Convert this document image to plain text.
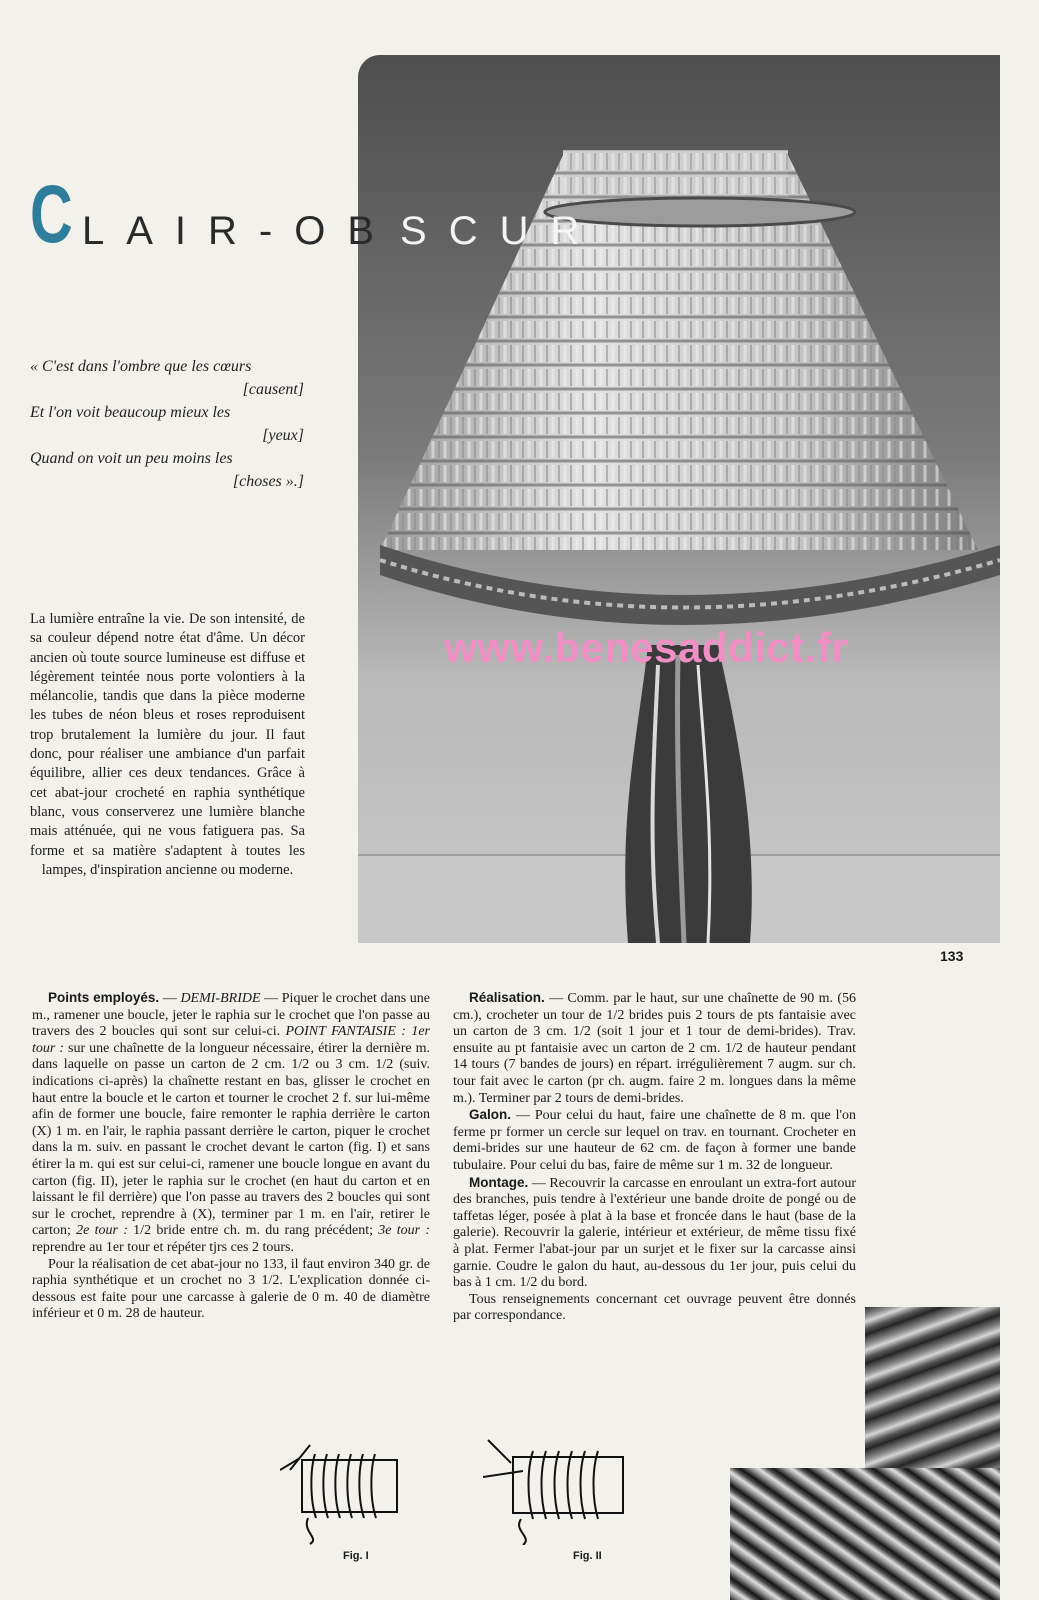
C LAIR-OB SCUR
« C'est dans l'ombre que les cœurs
[causent]
Et l'on voit beaucoup mieux les
[yeux]
Quand on voit un peu moins les
[choses ».]
La lumière entraîne la vie. De son intensité, de sa couleur dépend notre état d'âme. Un décor ancien où toute source lumineuse est diffuse et légèrement teintée nous porte volontiers à la mélancolie, tandis que dans la pièce moderne les tubes de néon bleus et roses reproduisent trop brutalement la lumière du jour. Il faut donc, pour réaliser une ambiance d'un parfait équilibre, allier ces deux tendances. Grâce à cet abat-jour crocheté en raphia synthétique blanc, vous conserverez une lumière blanche mais atténuée, qui ne vous fatiguera pas. Sa forme et sa matière s'adaptent à toutes les lampes, d'inspiration ancienne ou moderne.
www.benesaddict.fr
133

Points employés. — DEMI-BRIDE — Piquer le crochet dans une m., ramener une boucle, jeter le raphia sur le crochet que l'on passe au travers des 2 boucles qui sont sur celui-ci. POINT FANTAISIE : 1er tour : sur une chaînette de la longueur nécessaire, étirer la dernière m. dans laquelle on passe un carton de 2 cm. 1/2 ou 3 cm. 1/2 (suiv. indications ci-après) la chaînette restant en bas, glisser le crochet en haut entre la boucle et le carton et tourner le crochet 2 f. sur lui-même afin de former une boucle, faire remonter le raphia derrière le carton (X) 1 m. en l'air, le raphia passant derrière le carton, piquer le crochet dans la m. suiv. en passant le crochet devant le carton (fig. I) et sans étirer la m. qui est sur celui-ci, ramener une boucle longue en avant du carton (fig. II), jeter le raphia sur le crochet (en haut du carton et en laissant le fil derrière) que l'on passe au travers des 2 boucles qui sont sur le crochet, reprendre à (X), terminer par 1 m. en l'air, retirer le carton; 2e tour : 1/2 bride entre ch. m. du rang précédent; 3e tour : reprendre au 1er tour et répéter tjrs ces 2 tours.

Pour la réalisation de cet abat-jour no 133, il faut environ 340 gr. de raphia synthétique et un crochet no 3 1/2. L'explication donnée ci-dessous est faite pour une carcasse à galerie de 0 m. 40 de diamètre inférieur et 0 m. 28 de hauteur.

Réalisation. — Comm. par le haut, sur une chaînette de 90 m. (56 cm.), crocheter un tour de 1/2 brides puis 2 tours de pts fantaisie avec un carton de 3 cm. 1/2 (soit 1 jour et 1 tour de demi-brides). Trav. ensuite au pt fantaisie avec un carton de 2 cm. 1/2 de hauteur pendant 14 tours (7 bandes de jours) en répart. irrégulièrement 7 augm. sur ch. tour fait avec le carton (pr ch. augm. faire 2 m. longues dans la même m.). Terminer par 2 tours de demi-brides.

Galon. — Pour celui du haut, faire une chaînette de 8 m. que l'on ferme pr former un cercle sur lequel on trav. en tournant. Crocheter en demi-brides sur une hauteur de 62 cm. de façon à former une bande tubulaire. Pour celui du bas, faire de même sur 1 m. 32 de longueur.

Montage. — Recouvrir la carcasse en enroulant un extra-fort autour des branches, puis tendre à l'extérieur une bande droite de pongé ou de taffetas léger, posée à plat à la base et froncée dans le haut (base de la galerie). Recouvrir la galerie, intérieur et extérieur, de même tissu fixé à plat. Fermer l'abat-jour par un surjet et le fixer sur la carcasse ainsi garnie. Coudre le galon du haut, au-dessous du 1er jour, puis celui du bas à 1 cm. 1/2 du bord.

Tous renseignements concernant cet ouvrage peuvent être donnés par correspondance.

Fig. I	Fig. II
